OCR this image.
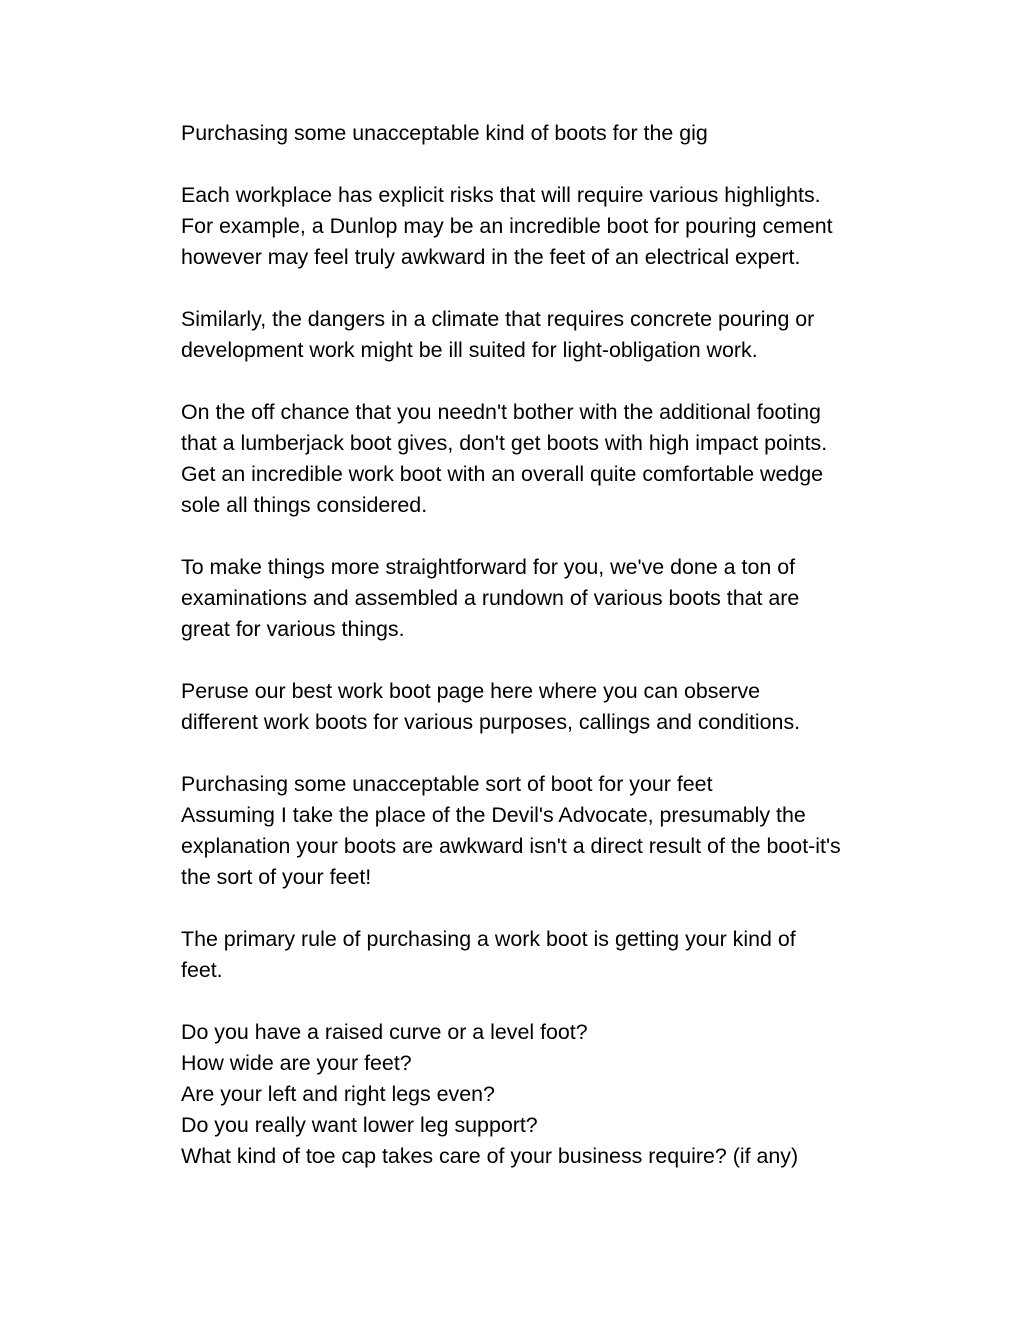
Purchasing some unacceptable kind of boots for the gig

Each workplace has explicit risks that will require various highlights.
For example, a Dunlop may be an incredible boot for pouring cement
however may feel truly awkward in the feet of an electrical expert.

Similarly, the dangers in a climate that requires concrete pouring or
development work might be ill suited for light-obligation work.

On the off chance that you needn't bother with the additional footing
that a lumberjack boot gives, don't get boots with high impact points.
Get an incredible work boot with an overall quite comfortable wedge
sole all things considered.

To make things more straightforward for you, we've done a ton of
examinations and assembled a rundown of various boots that are
great for various things.

Peruse our best work boot page here where you can observe
different work boots for various purposes, callings and conditions.

Purchasing some unacceptable sort of boot for your feet
Assuming I take the place of the Devil's Advocate, presumably the
explanation your boots are awkward isn't a direct result of the boot-it's
the sort of your feet!

The primary rule of purchasing a work boot is getting your kind of
feet.

Do you have a raised curve or a level foot?
How wide are your feet?
Are your left and right legs even?
Do you really want lower leg support?
What kind of toe cap takes care of your business require? (if any)
